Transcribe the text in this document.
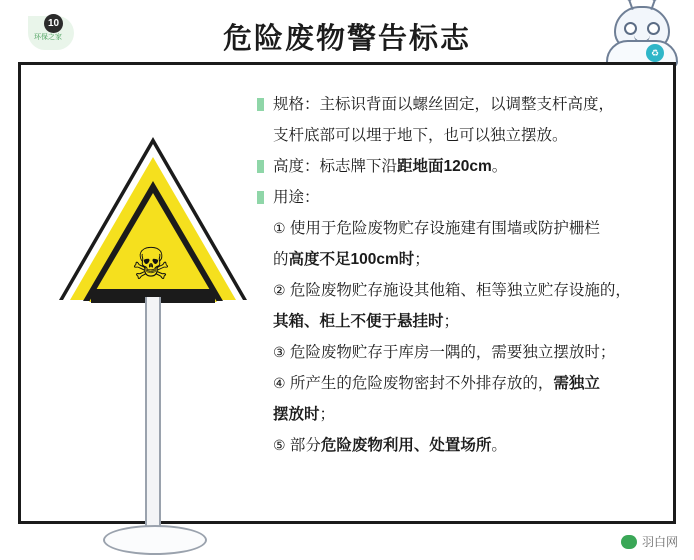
环保之家
10	危险废物警告标志	♻
☠
规格：主标识背面以螺丝固定，以调整支杆高度，
支杆底部可以埋于地下，也可以独立摆放。
高度：标志牌下沿距地面120cm。
用途：
① 使用于危险废物贮存设施建有围墙或防护栅栏
的高度不足100cm时；
② 危险废物贮存施设其他箱、柜等独立贮存设施的，
其箱、柜上不便于悬挂时；
③ 危险废物贮存于库房一隅的，需要独立摆放时；
④ 所产生的危险废物密封不外排存放的，需独立
摆放时；
⑤ 部分危险废物利用、处置场所。
羽白网
